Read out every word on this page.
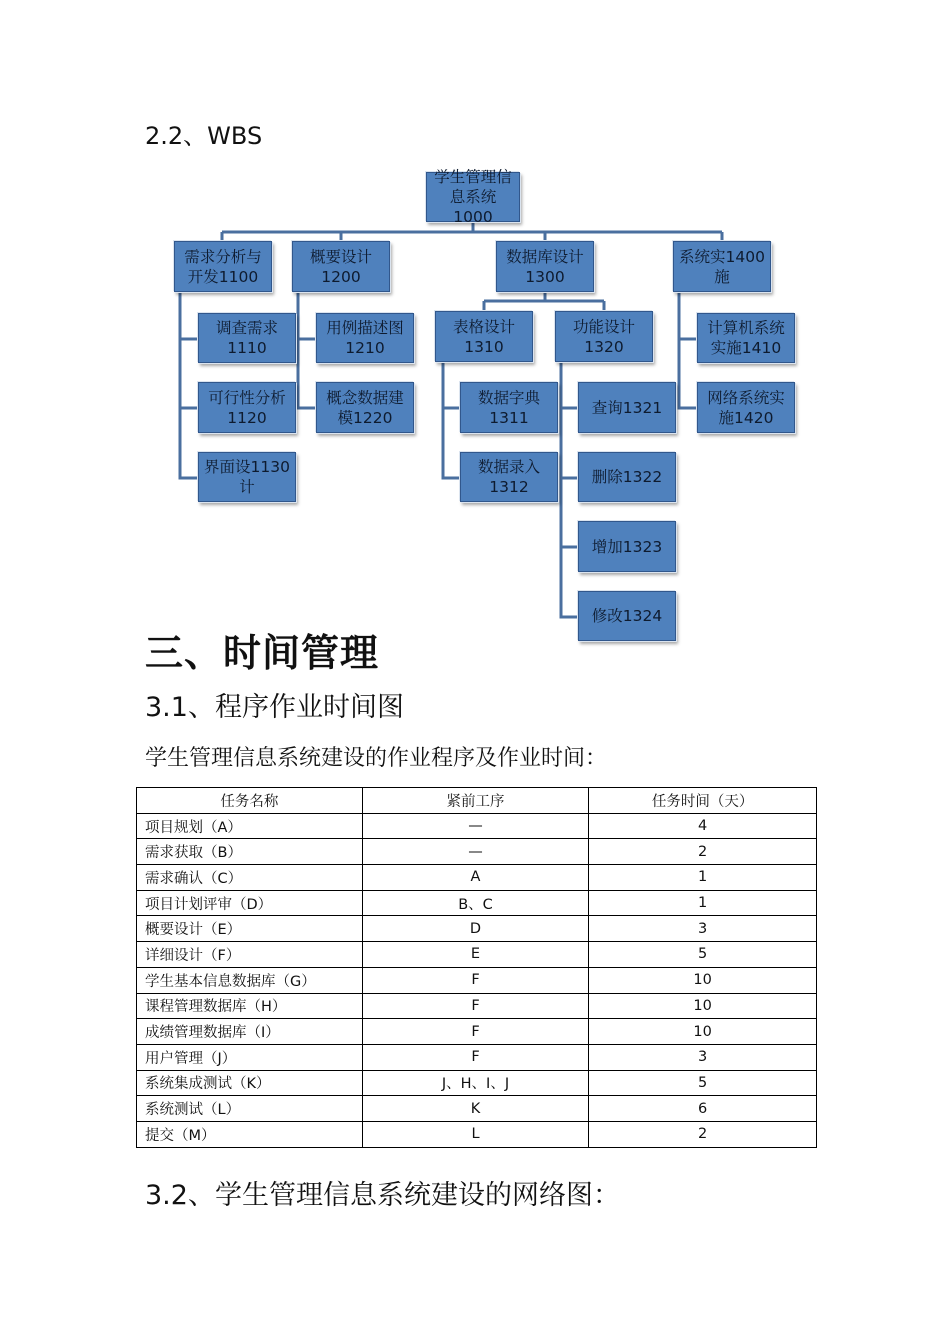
2.2、WBS
学生管理信
息系统1000
需求分析与
开发1100
调查需求
1110
可行性分析
1120
界面设1130
计
概要设计
1200
用例描述图
1210
概念数据建
模1220
数据库设计
1300
表格设计
1310
数据字典
1311
数据录入
1312
功能设计
1320
查询1321
删除1322
增加1323
修改1324
系统实1400
施
计算机系统
实施1410
网络系统实
施1420
三、时间管理
3.1、程序作业时间图
学生管理信息系统建设的作业程序及作业时间：
任务名称	紧前工序	任务时间（天）
项目规划（A）	—	4
需求获取（B）	—	2
需求确认（C）	A	1
项目计划评审（D）	B、C	1
概要设计（E）	D	3
详细设计（F）	E	5
学生基本信息数据库（G）	F	10
课程管理数据库（H）	F	10
成绩管理数据库（I）	F	10
用户管理（J）	F	3
系统集成测试（K）	J、H、I、J	5
系统测试（L）	K	6
提交（M）	L	2
3.2、学生管理信息系统建设的网络图：
